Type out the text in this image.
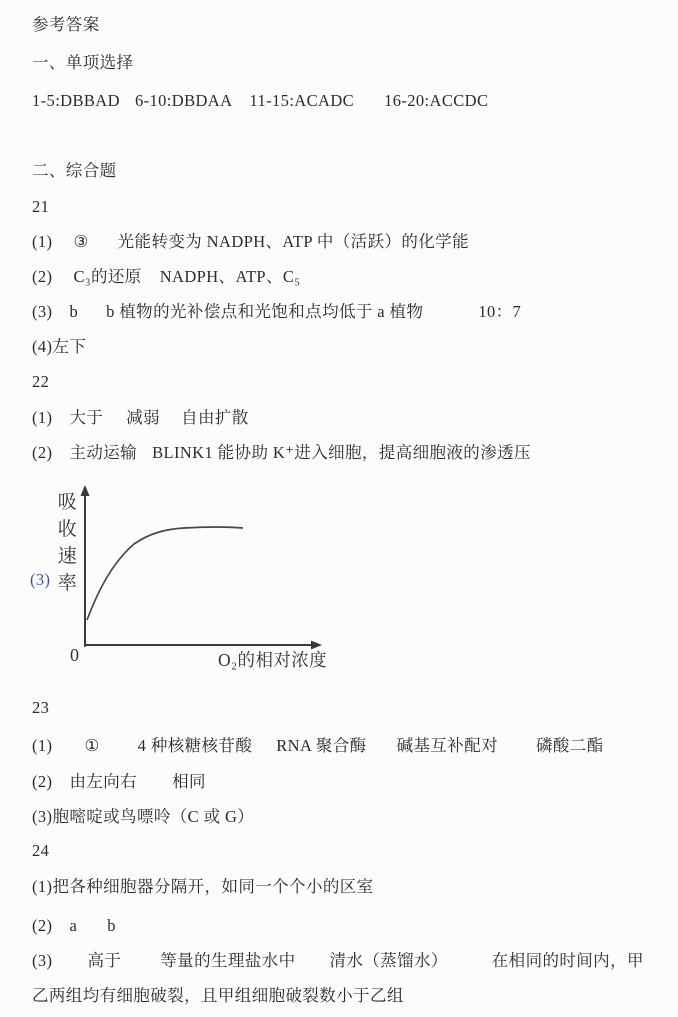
参考答案
一、单项选择
1-5:DBBAD 6-10:DBDAA 11-15:ACADC 16-20:ACCDC
二、综合题
21
(1) ③ 光能转变为 NADPH、ATP 中（活跃）的化学能
(2) C₃的还原 NADPH、ATP、C₅
(3) b b 植物的光补偿点和光饱和点均低于 a 植物	10：7
(4)左下
22
(1) 大于 减弱 自由扩散
(2) 主动运输 BLINK1 能协助 K⁺进入细胞，提高细胞液的渗透压
(3)
吸收速率
0	O₂的相对浓度
23
(1) ① 4 种核糖核苷酸 RNA 聚合酶 碱基互补配对 磷酸二酯
(2) 由左向右 相同
(3)胞嘧啶或鸟嘌呤（C 或 G）
24
(1)把各种细胞器分隔开，如同一个个小的区室
(2) a b
(3) 高于 等量的生理盐水中 清水（蒸馏水）	在相同的时间内，甲
乙两组均有细胞破裂，且甲组细胞破裂数小于乙组
